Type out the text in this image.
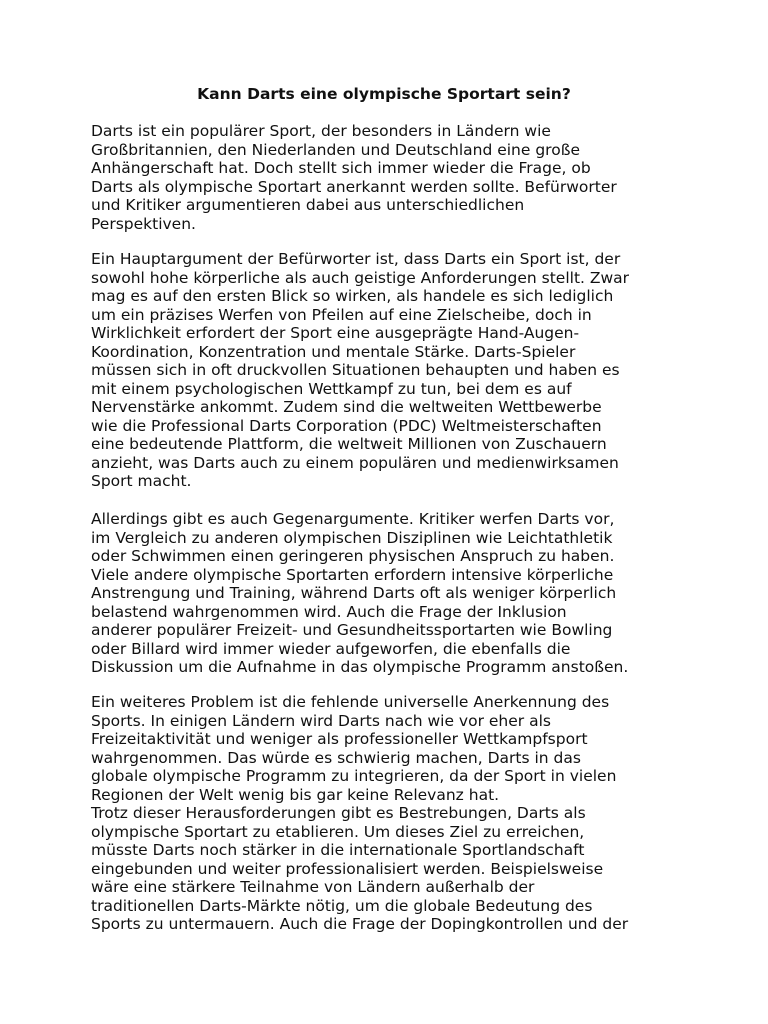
Kann Darts eine olympische Sportart sein?

Darts ist ein populärer Sport, der besonders in Ländern wie
Großbritannien, den Niederlanden und Deutschland eine große
Anhängerschaft hat. Doch stellt sich immer wieder die Frage, ob
Darts als olympische Sportart anerkannt werden sollte. Befürworter
und Kritiker argumentieren dabei aus unterschiedlichen
Perspektiven.

Ein Hauptargument der Befürworter ist, dass Darts ein Sport ist, der
sowohl hohe körperliche als auch geistige Anforderungen stellt. Zwar
mag es auf den ersten Blick so wirken, als handele es sich lediglich
um ein präzises Werfen von Pfeilen auf eine Zielscheibe, doch in
Wirklichkeit erfordert der Sport eine ausgeprägte Hand-Augen-
Koordination, Konzentration und mentale Stärke. Darts-Spieler
müssen sich in oft druckvollen Situationen behaupten und haben es
mit einem psychologischen Wettkampf zu tun, bei dem es auf
Nervenstärke ankommt. Zudem sind die weltweiten Wettbewerbe
wie die Professional Darts Corporation (PDC) Weltmeisterschaften
eine bedeutende Plattform, die weltweit Millionen von Zuschauern
anzieht, was Darts auch zu einem populären und medienwirksamen
Sport macht.

Allerdings gibt es auch Gegenargumente. Kritiker werfen Darts vor,
im Vergleich zu anderen olympischen Disziplinen wie Leichtathletik
oder Schwimmen einen geringeren physischen Anspruch zu haben.
Viele andere olympische Sportarten erfordern intensive körperliche
Anstrengung und Training, während Darts oft als weniger körperlich
belastend wahrgenommen wird. Auch die Frage der Inklusion
anderer populärer Freizeit- und Gesundheitssportarten wie Bowling
oder Billard wird immer wieder aufgeworfen, die ebenfalls die
Diskussion um die Aufnahme in das olympische Programm anstoßen.

Ein weiteres Problem ist die fehlende universelle Anerkennung des
Sports. In einigen Ländern wird Darts nach wie vor eher als
Freizeitaktivität und weniger als professioneller Wettkampfsport
wahrgenommen. Das würde es schwierig machen, Darts in das
globale olympische Programm zu integrieren, da der Sport in vielen
Regionen der Welt wenig bis gar keine Relevanz hat.
Trotz dieser Herausforderungen gibt es Bestrebungen, Darts als
olympische Sportart zu etablieren. Um dieses Ziel zu erreichen,
müsste Darts noch stärker in die internationale Sportlandschaft
eingebunden und weiter professionalisiert werden. Beispielsweise
wäre eine stärkere Teilnahme von Ländern außerhalb der
traditionellen Darts-Märkte nötig, um die globale Bedeutung des
Sports zu untermauern. Auch die Frage der Dopingkontrollen und der
